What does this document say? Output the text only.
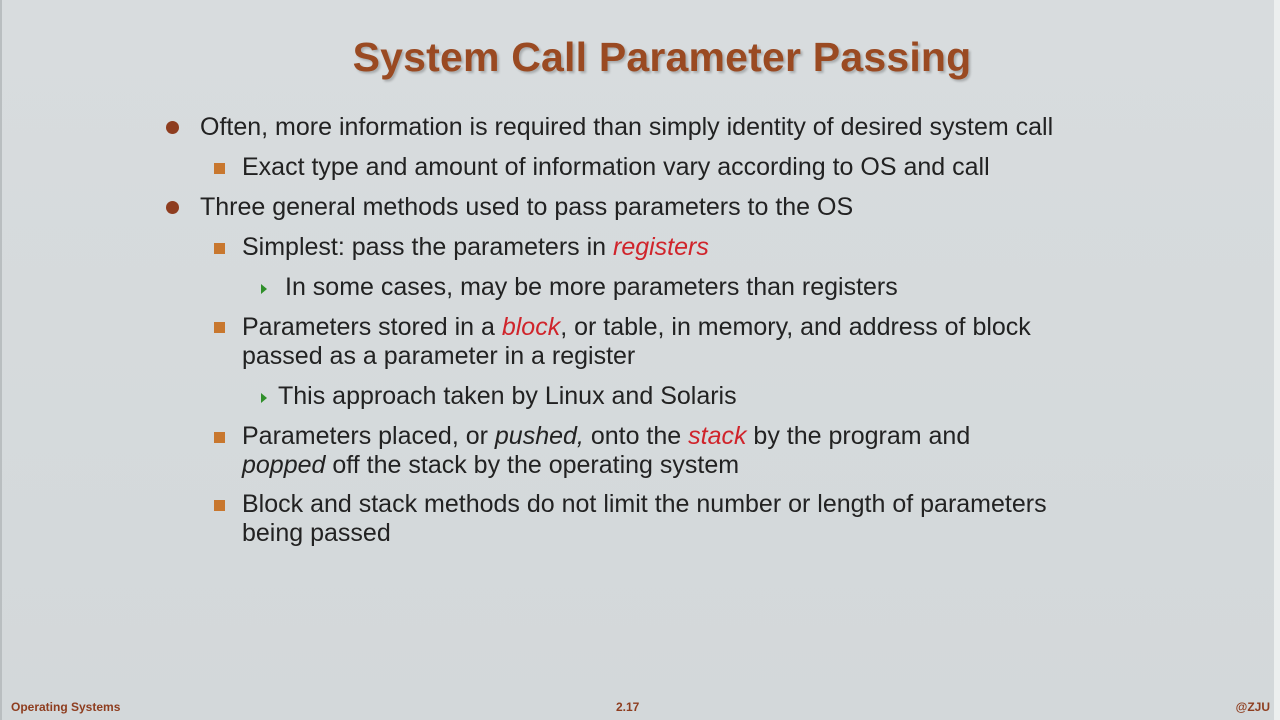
System Call Parameter Passing
Often, more information is required than simply identity of desired system call
Exact type and amount of information vary according to OS and call
Three general methods used to pass parameters to the OS
Simplest: pass the parameters in registers
In some cases, may be more parameters than registers
Parameters stored in a block, or table, in memory, and address of block
passed as a parameter in a register
This approach taken by Linux and Solaris
Parameters placed, or pushed, onto the stack by the program and
popped off the stack by the operating system
Block and stack methods do not limit the number or length of parameters
being passed
Operating Systems	2.17	@ZJU
